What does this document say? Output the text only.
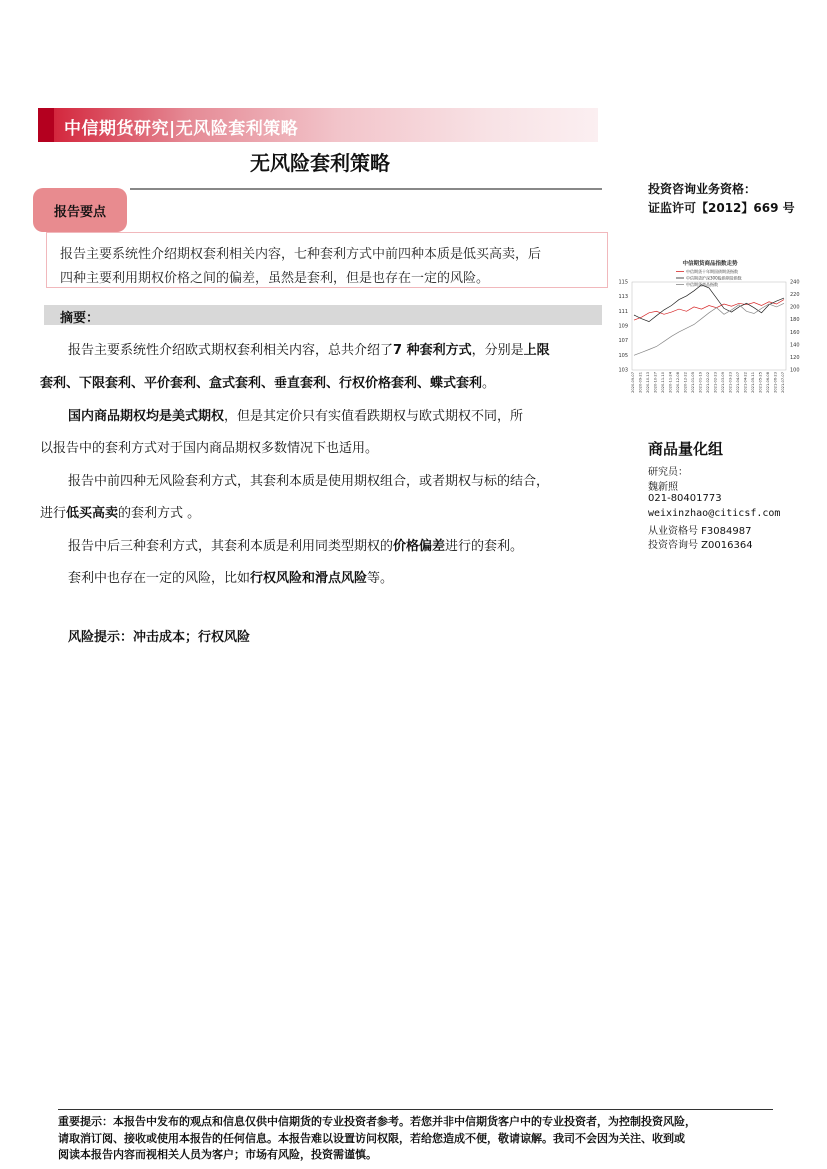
中信期货研究|无风险套利策略
无风险套利策略
报告要点
报告主要系统性介绍期权套利相关内容，七种套利方式中前四种本质是低买高卖，后
四种主要利用期权价格之间的偏差，虽然是套利，但是也存在一定的风险。
摘要：
报告主要系统性介绍欧式期权套利相关内容，总共介绍了7 种套利方式，分别是上限
套利、下限套利、平价套利、盒式套利、垂直套利、行权价格套利、蝶式套利。
国内商品期权均是美式期权，但是其定价只有实值看跌期权与欧式期权不同，所
以报告中的套利方式对于国内商品期权多数情况下也适用。
报告中前四种无风险套利方式，其套利本质是使用期权组合，或者期权与标的结合，
进行低买高卖的套利方式 。
报告中后三种套利方式，其套利本质是利用同类型期权的价格偏差进行的套利。
套利中也存在一定的风险，比如行权风险和滑点风险等。
风险提示：冲击成本；行权风险
投资咨询业务资格：
证监许可【2012】669 号
中信期货商品指数走势
中信期货十年期国债期货指数
中信期货沪深300股指期货指数
中信期货商品指数
115
113
111
109
107
105
103
240
220
200
180
160
140
120
100
2020-09-07 2020-09-21 2020-10-13 2020-10-27 2020-11-10 2020-11-24 2020-12-08 2020-12-22 2021-01-05 2021-01-19 2021-02-02 2021-02-23 2021-03-09 2021-03-23 2021-04-07 2021-04-22 2021-05-11 2021-05-25 2021-06-08 2021-06-23 2021-07-07
商品量化组
研究员：
魏新照
021-80401773
weixinzhao@citicsf.com
从业资格号 F3084987
投资咨询号 Z0016364
重要提示：本报告中发布的观点和信息仅供中信期货的专业投资者参考。若您并非中信期货客户中的专业投资者，为控制投资风险，
请取消订阅、接收或使用本报告的任何信息。本报告难以设置访问权限，若给您造成不便，敬请谅解。我司不会因为关注、收到或
阅读本报告内容而视相关人员为客户；市场有风险，投资需谨慎。
